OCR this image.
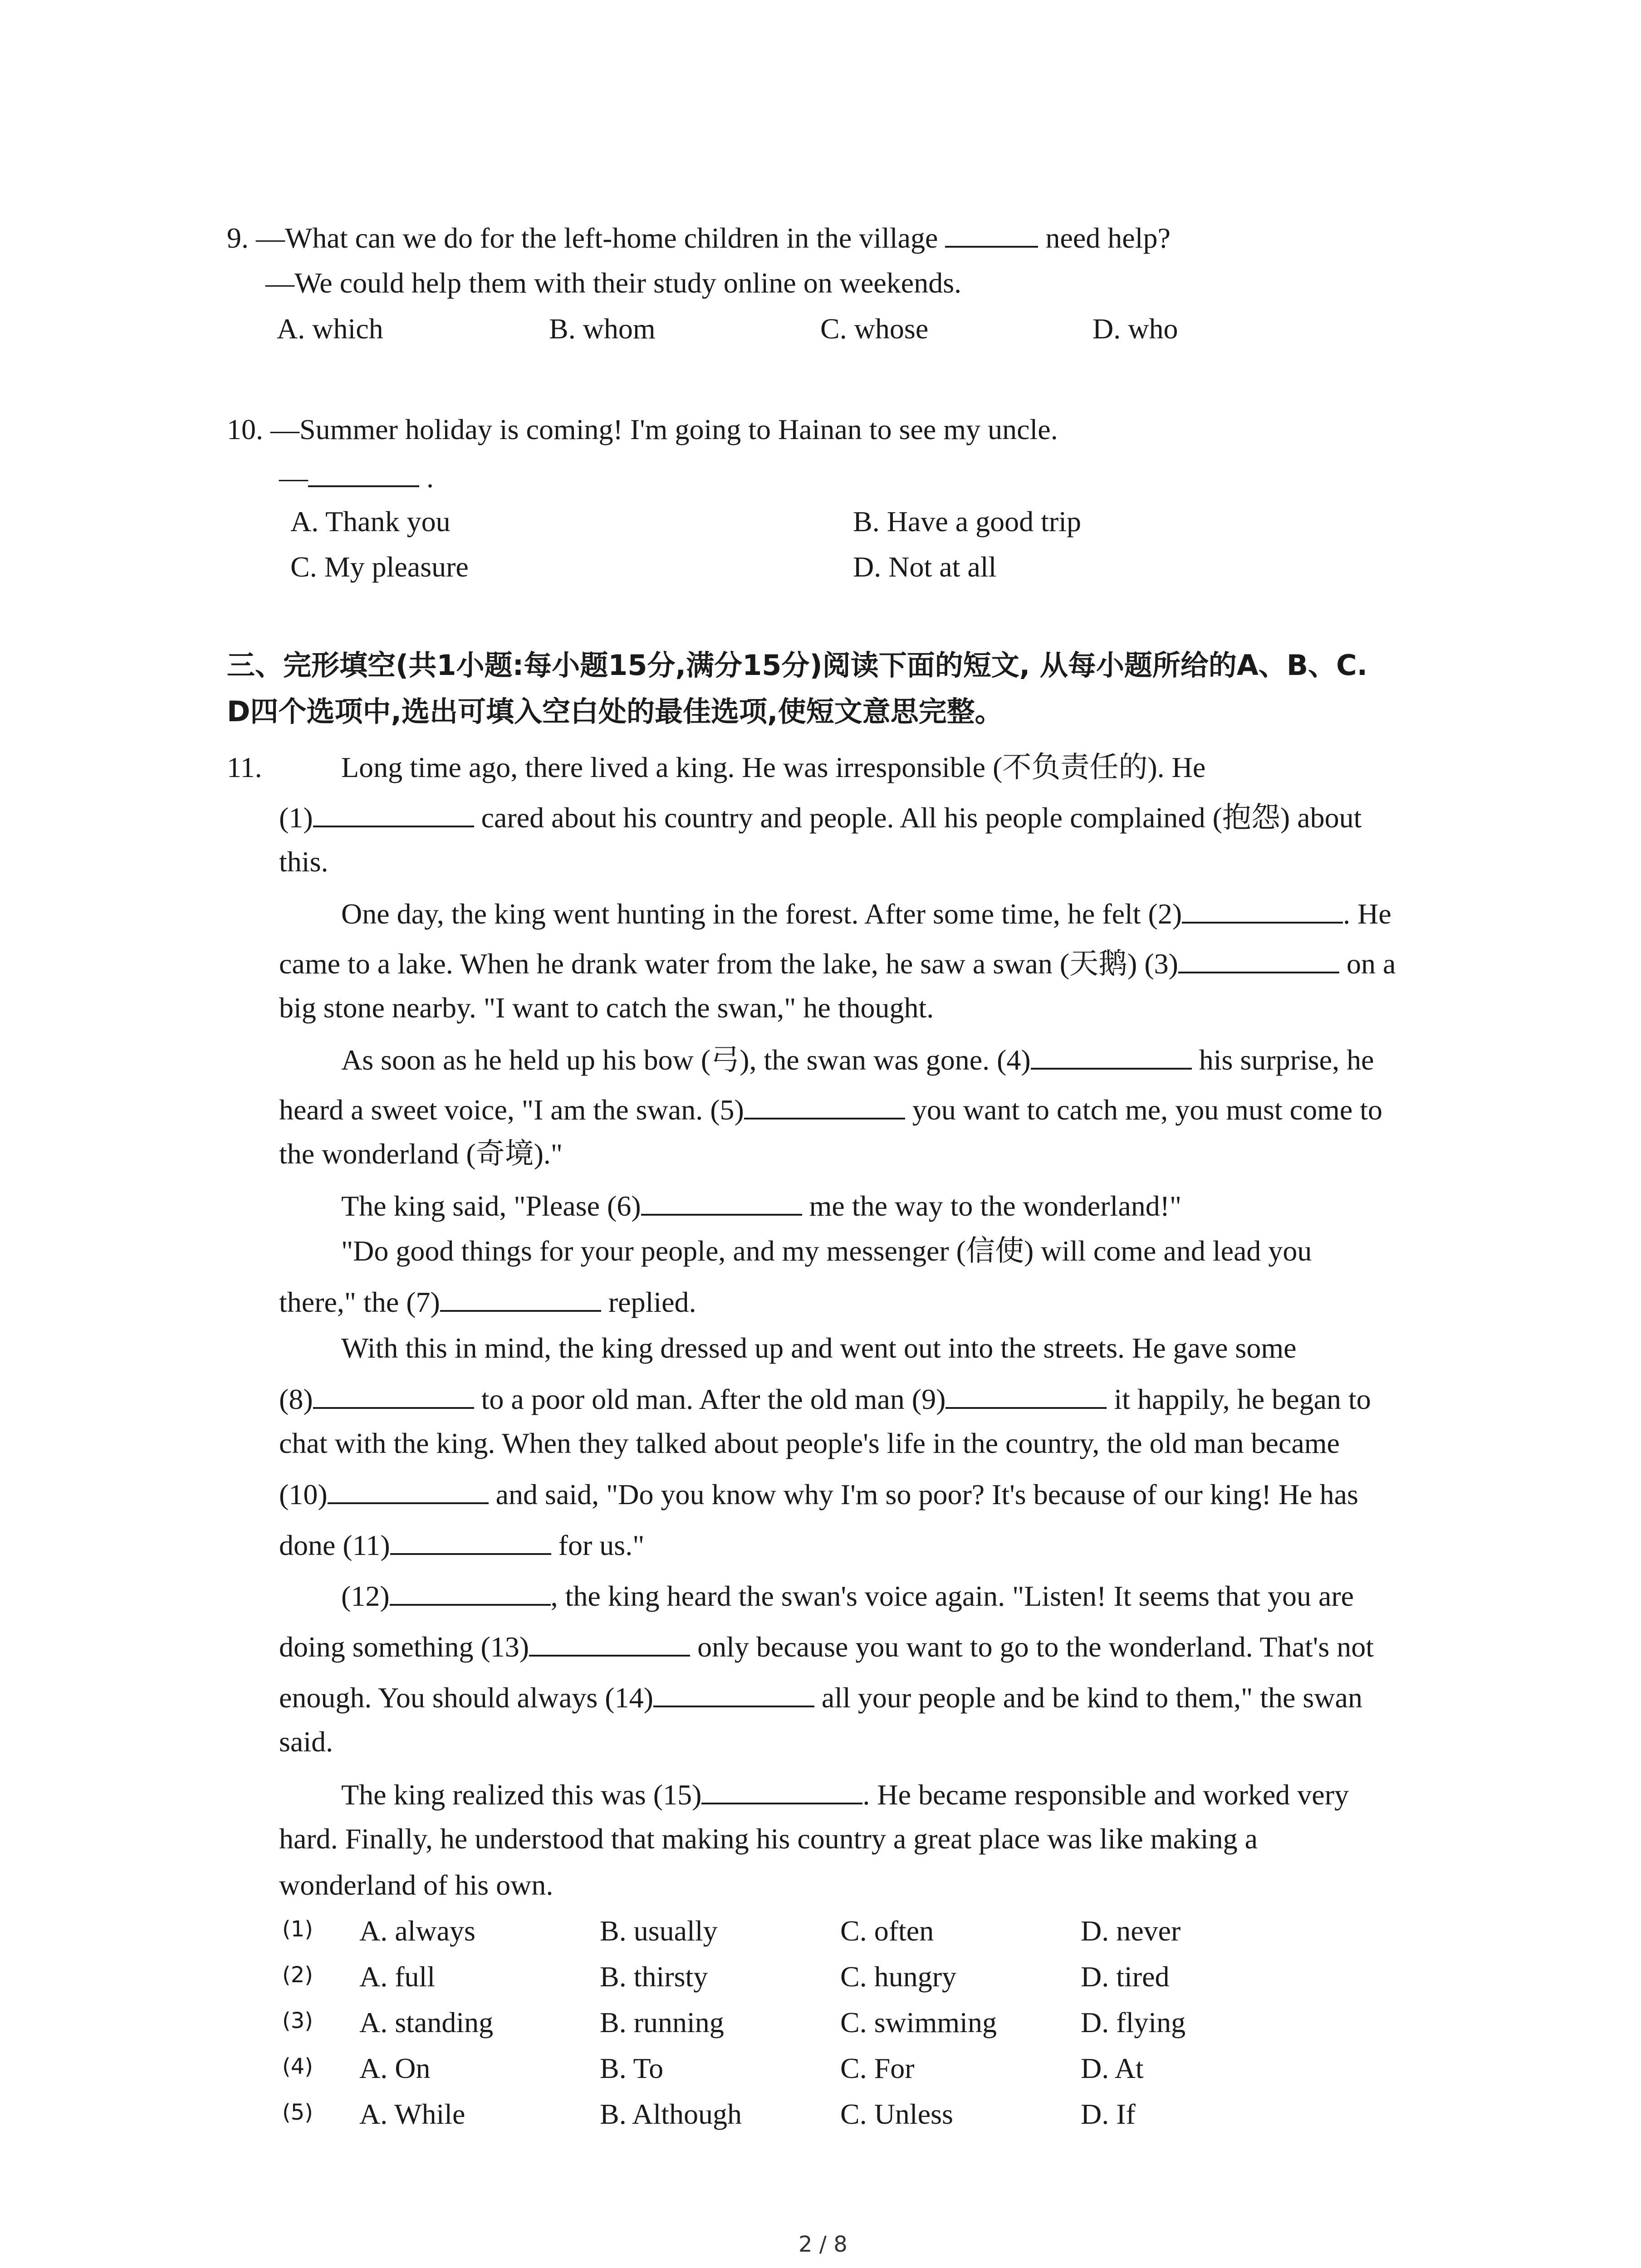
9. —What can we do for the left-home children in the village	need help?
—We could help them with their study online on weekends.
A. which	B. whom	C. whose	D. who
10. —Summer holiday is coming! I'm going to Hainan to see my uncle.
—	.
A. Thank you	B. Have a good trip
C. My pleasure	D. Not at all
三、完形填空(共1小题:每小题15分,满分15分)阅读下面的短文, 从每小题所给的A、B、C.
D四个选项中,选出可填入空白处的最佳选项,使短文意思完整。
11.	Long time ago, there lived a king. He was irresponsible (不负责任的). He
(1)	cared about his country and people. All his people complained (抱怨) about
this.
One day, the king went hunting in the forest. After some time, he felt (2)	. He
came to a lake. When he drank water from the lake, he saw a swan (天鹅) (3)	on a
big stone nearby. "I want to catch the swan," he thought.
As soon as he held up his bow (弓), the swan was gone. (4)	his surprise, he
heard a sweet voice, "I am the swan. (5)	you want to catch me, you must come to
the wonderland (奇境)."
The king said, "Please (6)	me the way to the wonderland!"
"Do good things for your people, and my messenger (信使) will come and lead you
there," the (7)	replied.
With this in mind, the king dressed up and went out into the streets. He gave some
(8)	to a poor old man. After the old man (9)	it happily, he began to
chat with the king. When they talked about people's life in the country, the old man became
(10)	and said, "Do you know why I'm so poor? It's because of our king! He has
done (11)	for us."
(12)	, the king heard the swan's voice again. "Listen! It seems that you are
doing something (13)	only because you want to go to the wonderland. That's not
enough. You should always (14)	all your people and be kind to them," the swan
said.
The king realized this was (15)	. He became responsible and worked very
hard. Finally, he understood that making his country a great place was like making a
wonderland of his own.
(1) A. always	B. usually	C. often	D. never
(2) A. full	B. thirsty	C. hungry	D. tired
(3) A. standing	B. running	C. swimming	D. flying
(4) A. On	B. To	C. For	D. At
(5) A. While	B. Although	C. Unless	D. If
2 / 8
